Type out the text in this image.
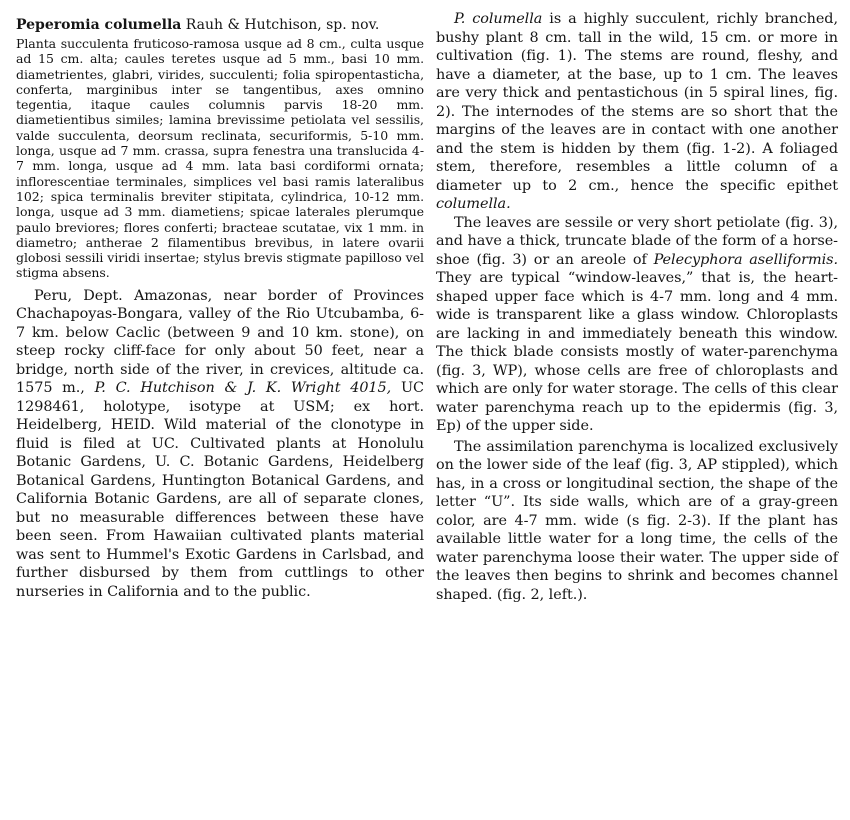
Peperomia columella Rauh & Hutchison, sp. nov.

Planta succulenta fruticoso-ramosa usque ad 8 cm., culta usque ad 15 cm. alta; caules teretes usque ad 5 mm., basi 10 mm. diametrientes, glabri, virides, succulenti; folia spiropentasticha, conferta, marginibus inter se tangentibus, axes omnino tegentia, itaque caules columnis parvis 18-20 mm. diametientibus similes; lamina brevissime petiolata vel sessilis, valde succulenta, deorsum reclinata, securiformis, 5-10 mm. longa, usque ad 7 mm. crassa, supra fenestra una translucida 4-7 mm. longa, usque ad 4 mm. lata basi cordiformi ornata; inflorescentiae terminales, simplices vel basi ramis lateralibus 102; spica terminalis breviter stipitata, cylindrica, 10-12 mm. longa, usque ad 3 mm. diametiens; spicae laterales plerumque paulo breviores; flores conferti; bracteae scutatae, vix 1 mm. in diametro; antherae 2 filamentibus brevibus, in latere ovarii globosi sessili viridi insertae; stylus brevis stigmate papilloso vel stigma absens.

Peru, Dept. Amazonas, near border of Provinces Chachapoyas-Bongara, valley of the Rio Utcubamba, 6-7 km. below Caclic (between 9 and 10 km. stone), on steep rocky cliff-face for only about 50 feet, near a bridge, north side of the river, in crevices, altitude ca. 1575 m., P. C. Hutchison & J. K. Wright 4015, UC 1298461, holotype, isotype at USM; ex hort. Heidelberg, HEID. Wild material of the clonotype in fluid is filed at UC. Cultivated plants at Honolulu Botanic Gardens, U. C. Botanic Gardens, Heidelberg Botanical Gardens, Huntington Botanical Gardens, and California Botanic Gardens, are all of separate clones, but no measurable differences between these have been seen. From Hawaiian cultivated plants material was sent to Hummel's Exotic Gardens in Carlsbad, and further disbursed by them from cuttlings to other nurseries in California and to the public.

P. columella is a highly succulent, richly branched, bushy plant 8 cm. tall in the wild, 15 cm. or more in cultivation (fig. 1). The stems are round, fleshy, and have a diameter, at the base, up to 1 cm. The leaves are very thick and pentastichous (in 5 spiral lines, fig. 2). The internodes of the stems are so short that the margins of the leaves are in contact with one another and the stem is hidden by them (fig. 1-2). A foliaged stem, therefore, resembles a little column of a diameter up to 2 cm., hence the specific epithet columella.

The leaves are sessile or very short petiolate (fig. 3), and have a thick, truncate blade of the form of a horse-shoe (fig. 3) or an areole of Pelecyphora aselliformis. They are typical “window-leaves,” that is, the heart-shaped upper face which is 4-7 mm. long and 4 mm. wide is transparent like a glass window. Chloroplasts are lacking in and immediately beneath this window. The thick blade consists mostly of water-parenchyma (fig. 3, WP), whose cells are free of chloroplasts and which are only for water storage. The cells of this clear water parenchyma reach up to the epidermis (fig. 3, Ep) of the upper side.

The assimilation parenchyma is localized exclusively on the lower side of the leaf (fig. 3, AP stippled), which has, in a cross or longitudinal section, the shape of the letter “U”. Its side walls, which are of a gray-green color, are 4-7 mm. wide (s fig. 2-3). If the plant has available little water for a long time, the cells of the water parenchyma loose their water. The upper side of the leaves then begins to shrink and becomes channel shaped. (fig. 2, left.).
